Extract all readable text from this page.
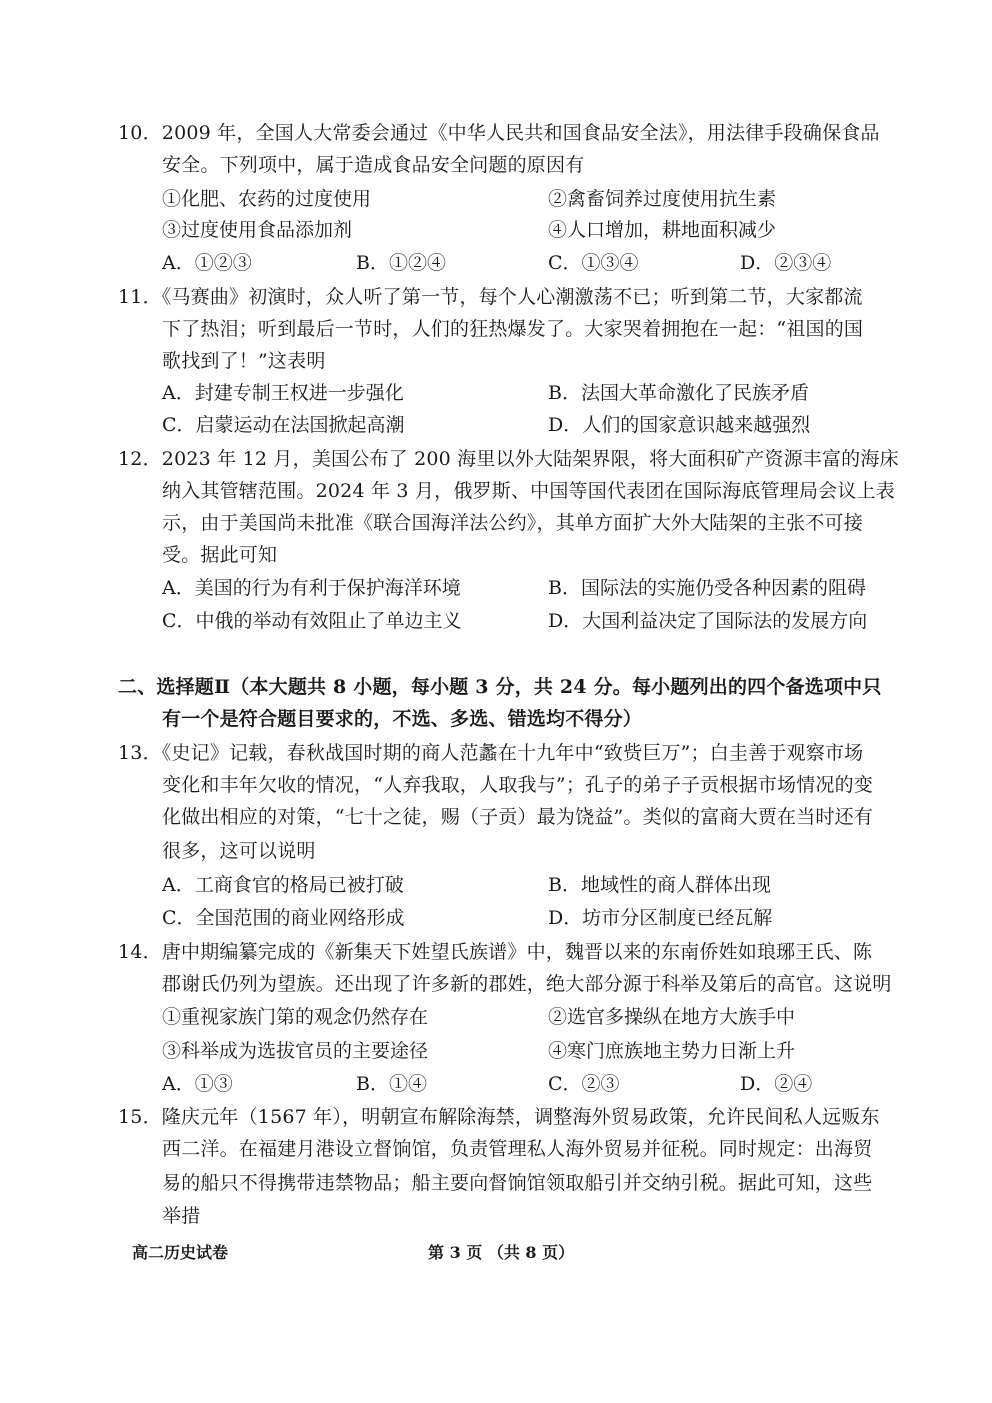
10．2009 年，全国人大常委会通过《中华人民共和国食品安全法》，用法律手段确保食品
安全。下列项中，属于造成食品安全问题的原因有
①化肥、农药的过度使用	②禽畜饲养过度使用抗生素
③过度使用食品添加剂	④人口增加，耕地面积减少
A．①②③	B．①②④	C．①③④	D．②③④
11．《马赛曲》初演时，众人听了第一节，每个人心潮激荡不已；听到第二节，大家都流
下了热泪；听到最后一节时，人们的狂热爆发了。大家哭着拥抱在一起：“祖国的国
歌找到了！”这表明
A．封建专制王权进一步强化	B．法国大革命激化了民族矛盾
C．启蒙运动在法国掀起高潮	D．人们的国家意识越来越强烈
12．2023 年 12 月，美国公布了 200 海里以外大陆架界限，将大面积矿产资源丰富的海床
纳入其管辖范围。2024 年 3 月，俄罗斯、中国等国代表团在国际海底管理局会议上表
示，由于美国尚未批准《联合国海洋法公约》，其单方面扩大外大陆架的主张不可接
受。据此可知
A．美国的行为有利于保护海洋环境	B．国际法的实施仍受各种因素的阻碍
C．中俄的举动有效阻止了单边主义	D．大国利益决定了国际法的发展方向
二、选择题Ⅱ（本大题共 8 小题，每小题 3 分，共 24 分。每小题列出的四个备选项中只
有一个是符合题目要求的，不选、多选、错选均不得分）
13．《史记》记载，春秋战国时期的商人范蠡在十九年中“致赀巨万”；白圭善于观察市场
变化和丰年欠收的情况，“人弃我取，人取我与”；孔子的弟子子贡根据市场情况的变
化做出相应的对策，“七十之徒，赐（子贡）最为饶益”。类似的富商大贾在当时还有
很多，这可以说明
A．工商食官的格局已被打破	B．地域性的商人群体出现
C．全国范围的商业网络形成	D．坊市分区制度已经瓦解
14．唐中期编纂完成的《新集天下姓望氏族谱》中，魏晋以来的东南侨姓如琅琊王氏、陈
郡谢氏仍列为望族。还出现了许多新的郡姓，绝大部分源于科举及第后的高官。这说明
①重视家族门第的观念仍然存在	②选官多操纵在地方大族手中
③科举成为选拔官员的主要途径	④寒门庶族地主势力日渐上升
A．①③	B．①④	C．②③	D．②④
15．隆庆元年（1567 年），明朝宣布解除海禁，调整海外贸易政策，允许民间私人远贩东
西二洋。在福建月港设立督饷馆，负责管理私人海外贸易并征税。同时规定：出海贸
易的船只不得携带违禁物品；船主要向督饷馆领取船引并交纳引税。据此可知，这些
举措
高二历史试卷	第 3 页 （共 8 页）
